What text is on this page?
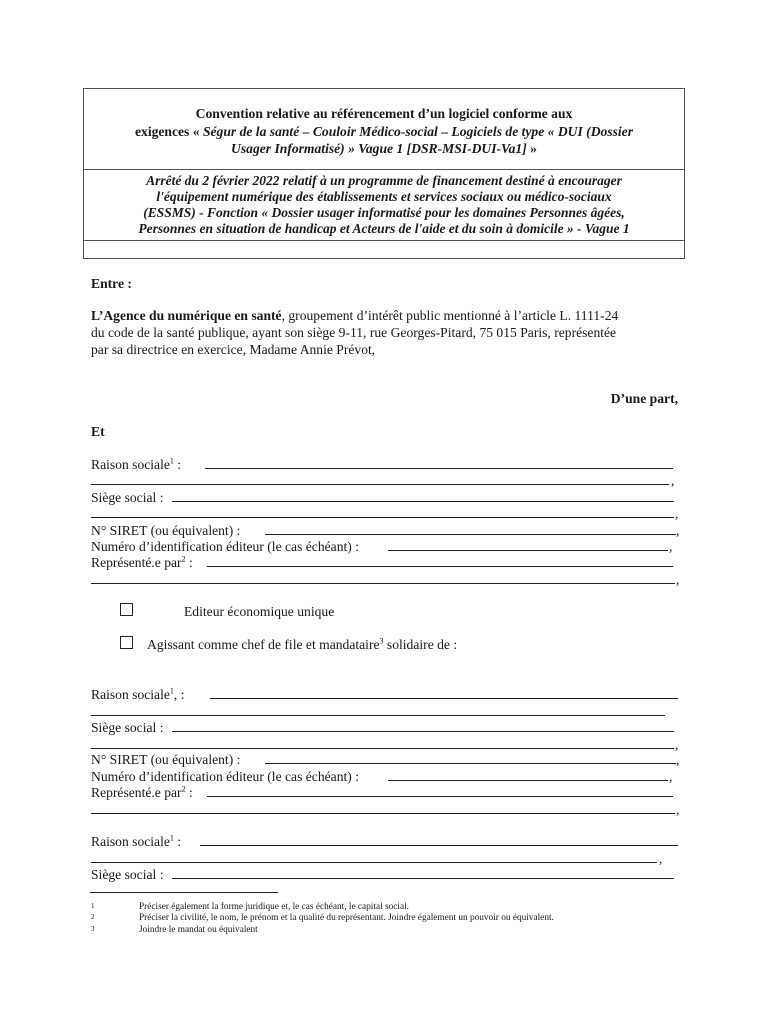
Convention relative au référencement d’un logiciel conforme aux
exigences « Ségur de la santé – Couloir Médico-social – Logiciels de type « DUI (Dossier
Usager Informatisé) » Vague 1 [DSR-MSI-DUI-Va1] »
Arrêté du 2 février 2022 relatif à un programme de financement destiné à encourager
l'équipement numérique des établissements et services sociaux ou médico-sociaux
(ESSMS) - Fonction « Dossier usager informatisé pour les domaines Personnes âgées,
Personnes en situation de handicap et Acteurs de l'aide et du soin à domicile » - Vague 1
Entre :
L’Agence du numérique en santé, groupement d’intérêt public mentionné à l’article L. 1111-24
du code de la santé publique, ayant son siège 9-11, rue Georges-Pitard, 75 015 Paris, représentée
par sa directrice en exercice, Madame Annie Prévot,
D’une part,
Et
Raison sociale$^1$ :
,
Siège social :
,
N° SIRET (ou équivalent) :	,
Numéro d’identification éditeur (le cas échéant) :	,
Représenté.e par$^2$ :
,
Editeur économique unique
Agissant comme chef de file et mandataire$^3$ solidaire de :
Raison sociale$^1$, :
Siège social :
,
N° SIRET (ou équivalent) :	,
Numéro d’identification éditeur (le cas échéant) :	,
Représenté.e par$^2$ :
,
Raison sociale$^1$ :
,
Siège social :
1	Préciser également la forme juridique et, le cas échéant, le capital social.
2	Préciser la civilité, le nom, le prénom et la qualité du représentant. Joindre également un pouvoir ou équivalent.
3	Joindre le mandat ou équivalent
